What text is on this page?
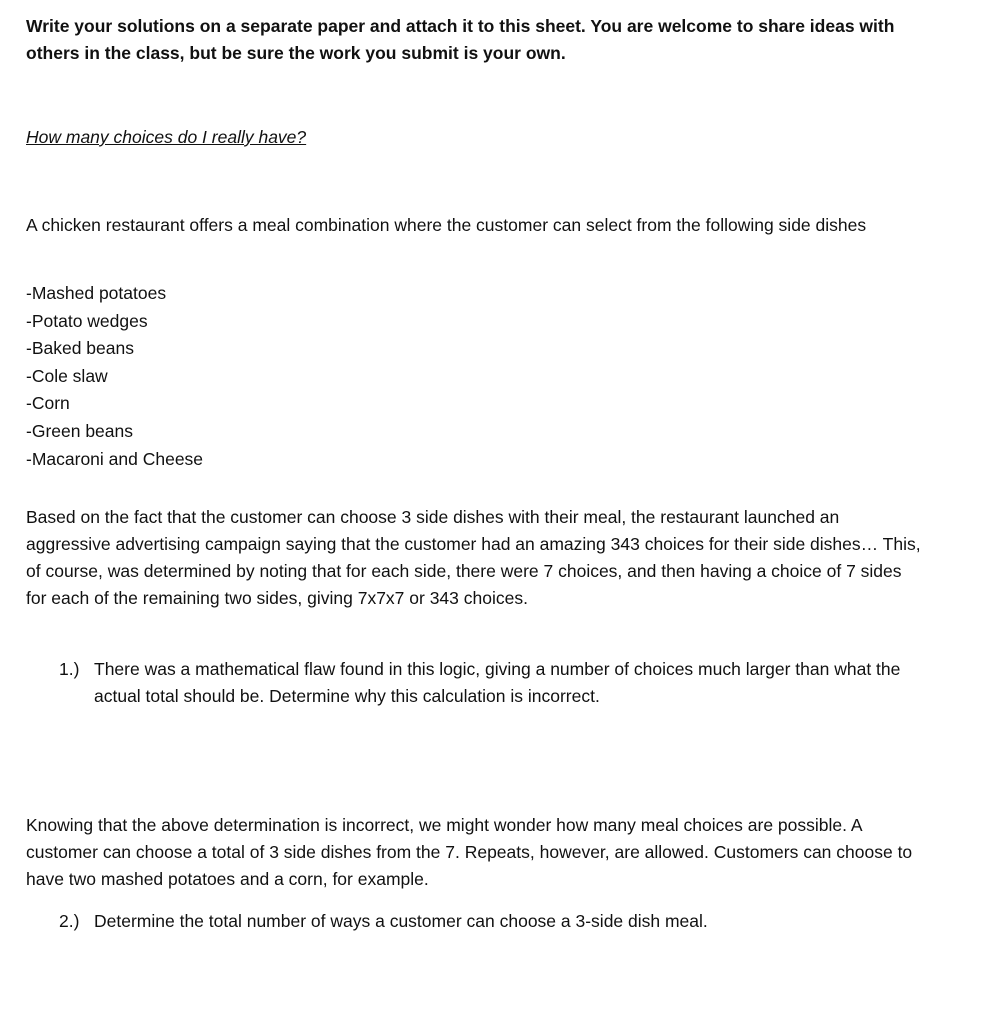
Write your solutions on a separate paper and attach it to this sheet. You are welcome to share ideas with others in the class, but be sure the work you submit is your own.

How many choices do I really have?

A chicken restaurant offers a meal combination where the customer can select from the following side dishes

-Mashed potatoes
-Potato wedges
-Baked beans
-Cole slaw
-Corn
-Green beans
-Macaroni and Cheese

Based on the fact that the customer can choose 3 side dishes with their meal, the restaurant launched an aggressive advertising campaign saying that the customer had an amazing 343 choices for their side dishes… This, of course, was determined by noting that for each side, there were 7 choices, and then having a choice of 7 sides for each of the remaining two sides, giving 7x7x7 or 343 choices.

1.) There was a mathematical flaw found in this logic, giving a number of choices much larger than what the actual total should be. Determine why this calculation is incorrect.

Knowing that the above determination is incorrect, we might wonder how many meal choices are possible. A customer can choose a total of 3 side dishes from the 7. Repeats, however, are allowed. Customers can choose to have two mashed potatoes and a corn, for example.

2.) Determine the total number of ways a customer can choose a 3-side dish meal.
